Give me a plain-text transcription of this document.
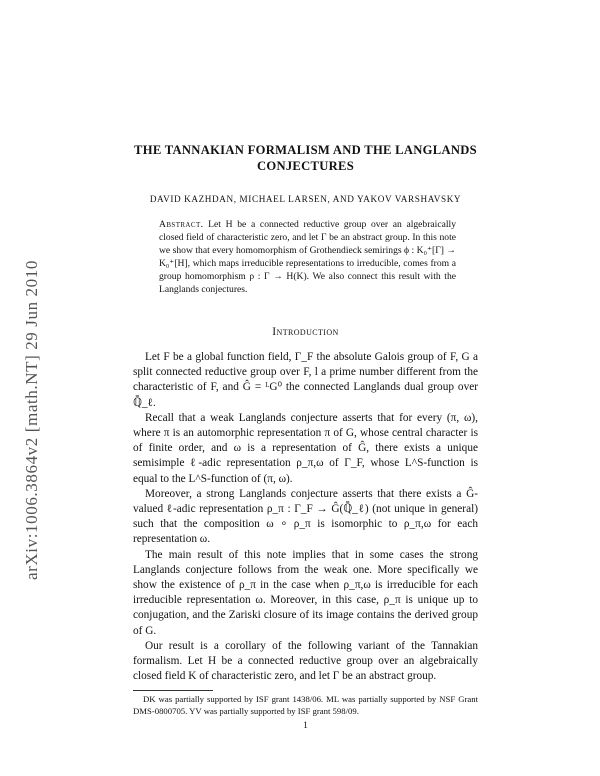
arXiv:1006.3864v2 [math.NT] 29 Jun 2010
THE TANNAKIAN FORMALISM AND THE LANGLANDS CONJECTURES
DAVID KAZHDAN, MICHAEL LARSEN, AND YAKOV VARSHAVSKY
Abstract. Let H be a connected reductive group over an algebraically closed field of characteristic zero, and let Γ be an abstract group. In this note we show that every homomorphism of Grothendieck semirings ϕ : K₀⁺[Γ] → K₀⁺[H], which maps irreducible representations to irreducible, comes from a group homomorphism ρ : Γ → H(K). We also connect this result with the Langlands conjectures.
Introduction

Let F be a global function field, Γ_F the absolute Galois group of F, G a split connected reductive group over F, l a prime number different from the characteristic of F, and Ĝ = ᴸG⁰ the connected Langlands dual group over ℚ̄_ℓ.

Recall that a weak Langlands conjecture asserts that for every (π, ω), where π is an automorphic representation π of G, whose central character is of finite order, and ω is a representation of Ĝ, there exists a unique semisimple ℓ-adic representation ρ_π,ω of Γ_F, whose L^S-function is equal to the L^S-function of (π, ω).

Moreover, a strong Langlands conjecture asserts that there exists a Ĝ-valued ℓ-adic representation ρ_π : Γ_F → Ĝ(ℚ̄_ℓ) (not unique in general) such that the composition ω ∘ ρ_π is isomorphic to ρ_π,ω for each representation ω.

The main result of this note implies that in some cases the strong Langlands conjecture follows from the weak one. More specifically we show the existence of ρ_π in the case when ρ_π,ω is irreducible for each irreducible representation ω. Moreover, in this case, ρ_π is unique up to conjugation, and the Zariski closure of its image contains the derived group of G.

Our result is a corollary of the following variant of the Tannakian formalism. Let H be a connected reductive group over an algebraically closed field K of characteristic zero, and let Γ be an abstract group.

DK was partially supported by ISF grant 1438/06. ML was partially supported by NSF Grant DMS-0800705. YV was partially supported by ISF grant 598/09.
1
